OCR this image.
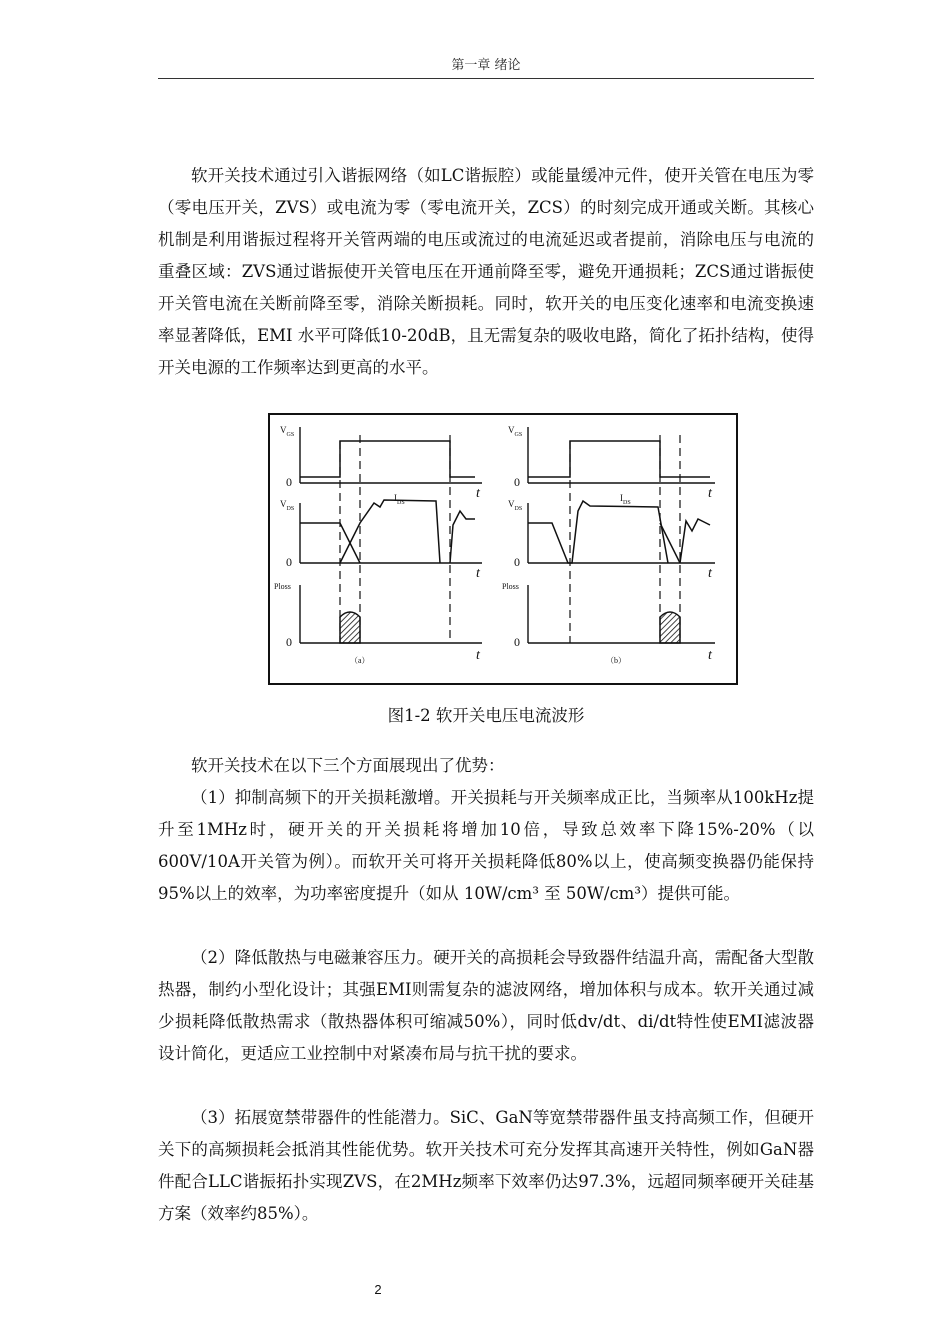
第一章 绪论

软开关技术通过引入谐振网络（如LC谐振腔）或能量缓冲元件，使开关管在电压为零（零电压开关，ZVS）或电流为零（零电流开关，ZCS）的时刻完成开通或关断。其核心机制是利用谐振过程将开关管两端的电压或流过的电流延迟或者提前，消除电压与电流的重叠区域：ZVS通过谐振使开关管电压在开通前降至零，避免开通损耗；ZCS通过谐振使开关管电流在关断前降至零，消除关断损耗。同时，软开关的电压变化速率和电流变换速率显著降低，EMI 水平可降低10-20dB，且无需复杂的吸收电路，简化了拓扑结构，使得开关电源的工作频率达到更高的水平。

$V_{GS}$
$V_{DS}$
$I_{DS}$
Ploss
0
0
0
t
t
t
（a）
$V_{GS}$
$V_{DS}$
$I_{DS}$
Ploss
0
0
0
t
t
t
（b）
图1-2 软开关电压电流波形

软开关技术在以下三个方面展现出了优势：

（1）抑制高频下的开关损耗激增。开关损耗与开关频率成正比，当频率从100kHz提升至1MHz时，硬开关的开关损耗将增加10倍，导致总效率下降15%-20%（以600V/10A开关管为例）。而软开关可将开关损耗降低80%以上，使高频变换器仍能保持95%以上的效率，为功率密度提升（如从 10W/cm³ 至 50W/cm³）提供可能。

（2）降低散热与电磁兼容压力。硬开关的高损耗会导致器件结温升高，需配备大型散热器，制约小型化设计；其强EMI则需复杂的滤波网络，增加体积与成本。软开关通过减少损耗降低散热需求（散热器体积可缩减50%），同时低dv/dt、di/dt特性使EMI滤波器设计简化，更适应工业控制中对紧凑布局与抗干扰的要求。

（3）拓展宽禁带器件的性能潜力。SiC、GaN等宽禁带器件虽支持高频工作，但硬开关下的高频损耗会抵消其性能优势。软开关技术可充分发挥其高速开关特性，例如GaN器件配合LLC谐振拓扑实现ZVS，在2MHz频率下效率仍达97.3%，远超同频率硬开关硅基方案（效率约85%）。

2
